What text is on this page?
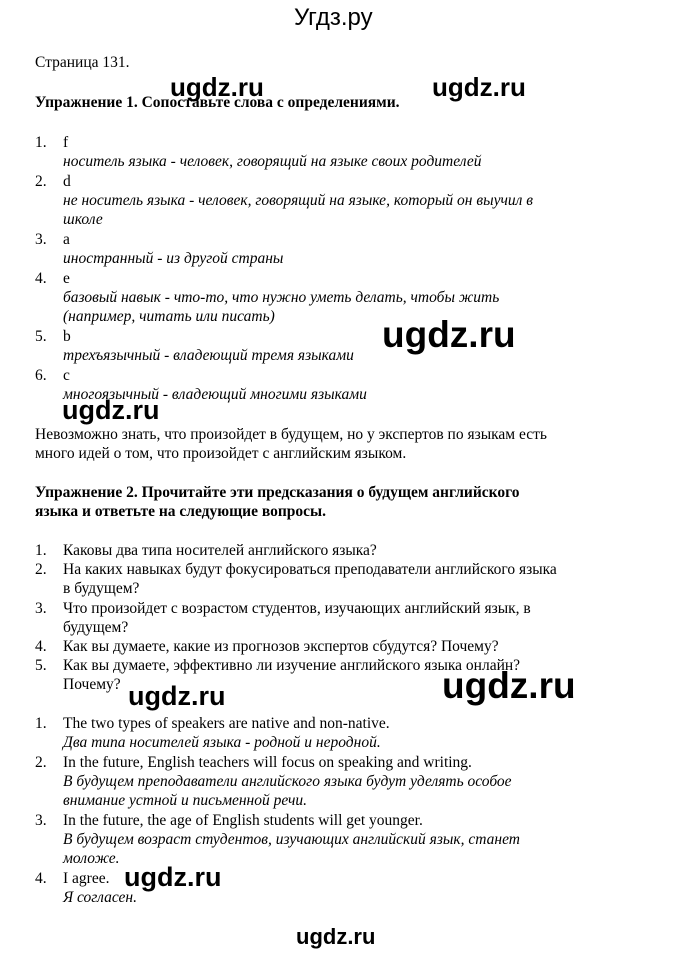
Угдз.ру
Страница 131.
ugdz.ru	ugdz.ru
ugdz.ru
ugdz.ru
ugdz.ru	ugdz.ru
ugdz.ru
ugdz.ru
Упражнение 1. Сопоставьте слова с определениями.
1. f
носитель языка - человек, говорящий на языке своих родителей
2. d
не носитель языка - человек, говорящий на языке, который он выучил в
школе
3. a
иностранный - из другой страны
4. e
базовый навык - что-то, что нужно уметь делать, чтобы жить
(например, читать или писать)
5. b
трехъязычный - владеющий тремя языками
6. c
многоязычный - владеющий многими языками
Невозможно знать, что произойдет в будущем, но у экспертов по языкам есть
много идей о том, что произойдет с английским языком.
Упражнение 2. Прочитайте эти предсказания о будущем английского
языка и ответьте на следующие вопросы.
1. Каковы два типа носителей английского языка?
2. На каких навыках будут фокусироваться преподаватели английского языка
в будущем?
3. Что произойдет с возрастом студентов, изучающих английский язык, в
будущем?
4. Как вы думаете, какие из прогнозов экспертов сбудутся? Почему?
5. Как вы думаете, эффективно ли изучение английского языка онлайн?
Почему?
1. The two types of speakers are native and non-native.
Два типа носителей языка - родной и неродной.
2. In the future, English teachers will focus on speaking and writing.
В будущем преподаватели английского языка будут уделять особое
внимание устной и письменной речи.
3. In the future, the age of English students will get younger.
В будущем возраст студентов, изучающих английский язык, станет
моложе.
4. I agree.
Я согласен.
